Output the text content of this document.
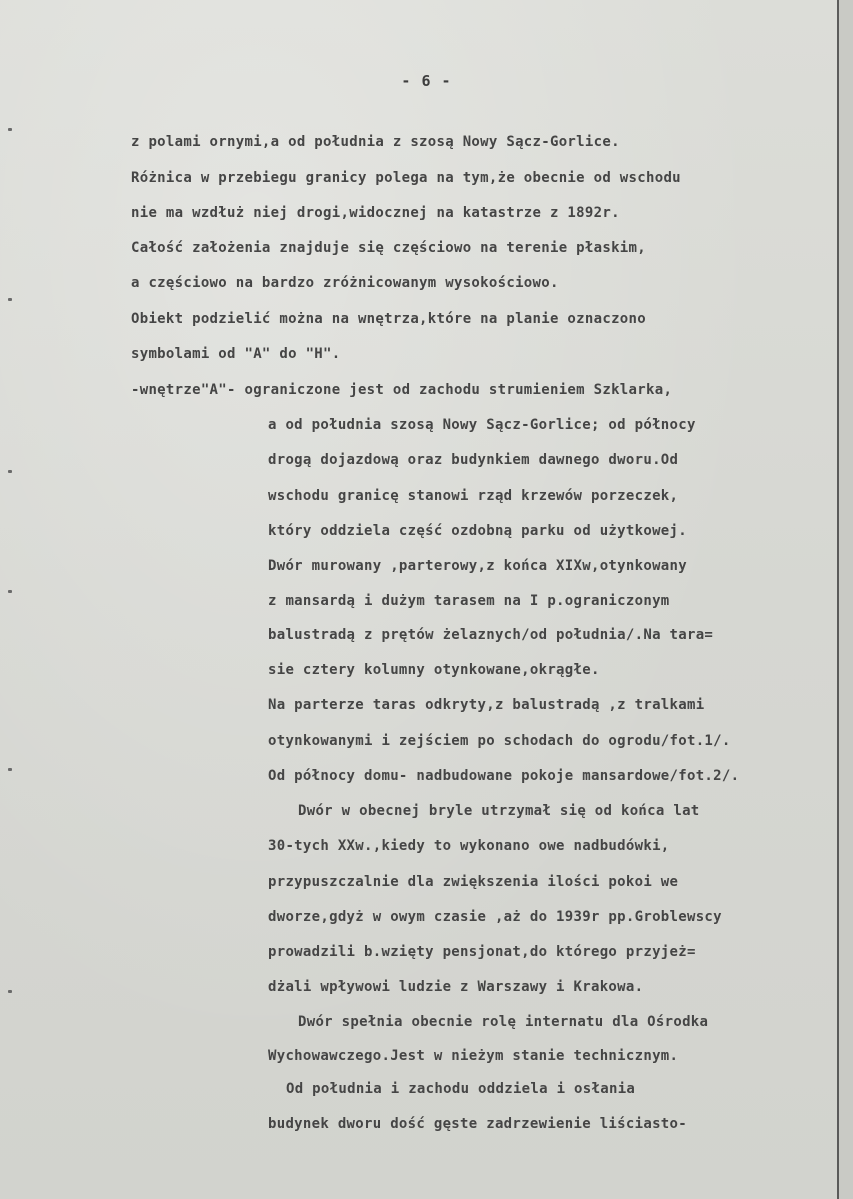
- 6 -
z polami ornymi,a od południa z szosą Nowy Sącz-Gorlice.
Różnica w przebiegu granicy polega na tym,że obecnie od wschodu
nie ma wzdłuż niej drogi,widocznej na katastrze z 1892r.
Całość założenia znajduje się częściowo na terenie płaskim,
a częściowo na bardzo zróżnicowanym wysokościowo.
Obiekt podzielić można na wnętrza,które na planie oznaczono
symbolami od "A" do "H".
-wnętrze"A"- ograniczone jest od zachodu strumieniem Szklarka,
a od południa szosą Nowy Sącz-Gorlice; od północy
drogą dojazdową oraz budynkiem dawnego dworu.Od
wschodu granicę stanowi rząd krzewów porzeczek,
który oddziela część ozdobną parku od użytkowej.
Dwór murowany ,parterowy,z końca XIXw,otynkowany
z mansardą i dużym tarasem na I p.ograniczonym
balustradą z prętów żelaznych/od południa/.Na tara=
sie cztery kolumny otynkowane,okrągłe.
Na parterze taras odkryty,z balustradą ,z tralkami
otynkowanymi i zejściem po schodach do ogrodu/fot.1/.
Od północy domu- nadbudowane pokoje mansardowe/fot.2/.
Dwór w obecnej bryle utrzymał się od końca lat
30-tych XXw.,kiedy to wykonano owe nadbudówki,
przypuszczalnie dla zwiększenia ilości pokoi we
dworze,gdyż w owym czasie ,aż do 1939r pp.Groblewscy
prowadzili b.wzięty pensjonat,do którego przyjeż=
dżali wpływowi ludzie z Warszawy i Krakowa.
Dwór spełnia obecnie rolę internatu dla Ośrodka
Wychowawczego.Jest w nieżym stanie technicznym.
Od południa i zachodu oddziela i osłania
budynek dworu dość gęste zadrzewienie liściasto-
